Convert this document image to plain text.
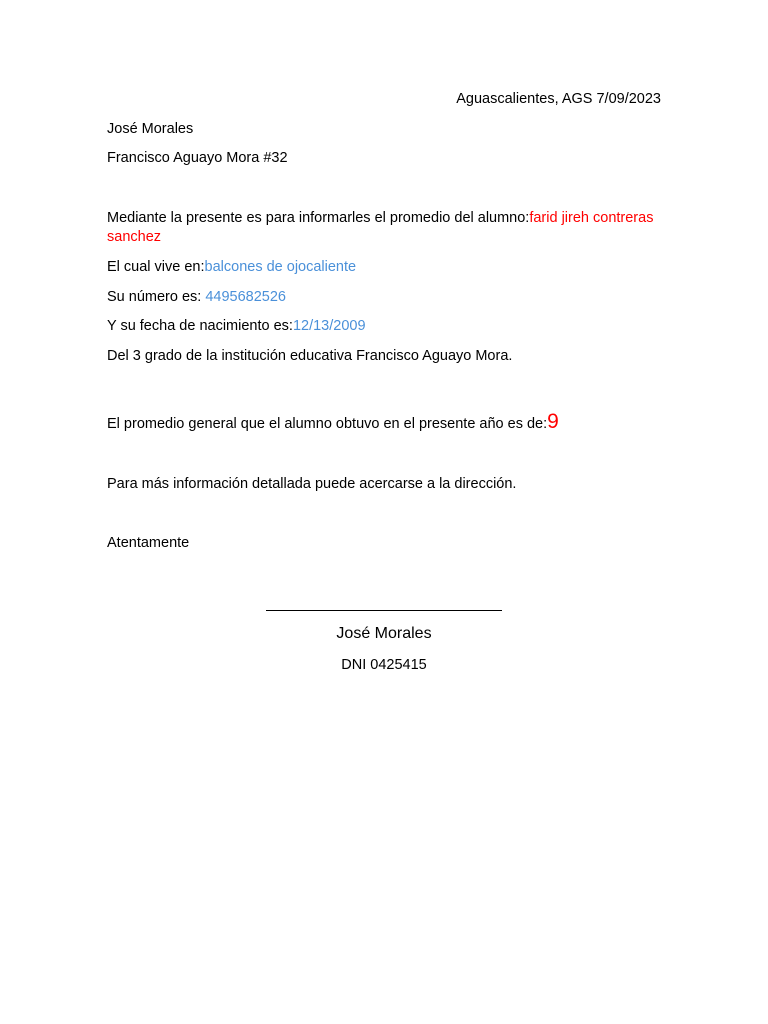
Aguascalientes, AGS 7/09/2023
José Morales
Francisco Aguayo Mora #32
Mediante la presente es para informarles el promedio del alumno:farid jireh contreras sanchez
El cual vive en:balcones de ojocaliente
Su número es: 4495682526
Y su fecha de nacimiento es:12/13/2009
Del 3 grado de la institución educativa Francisco Aguayo Mora.
El promedio general que el alumno obtuvo en el presente año es de:9
Para más información detallada puede acercarse a la dirección.
Atentamente
José Morales
DNI 0425415
